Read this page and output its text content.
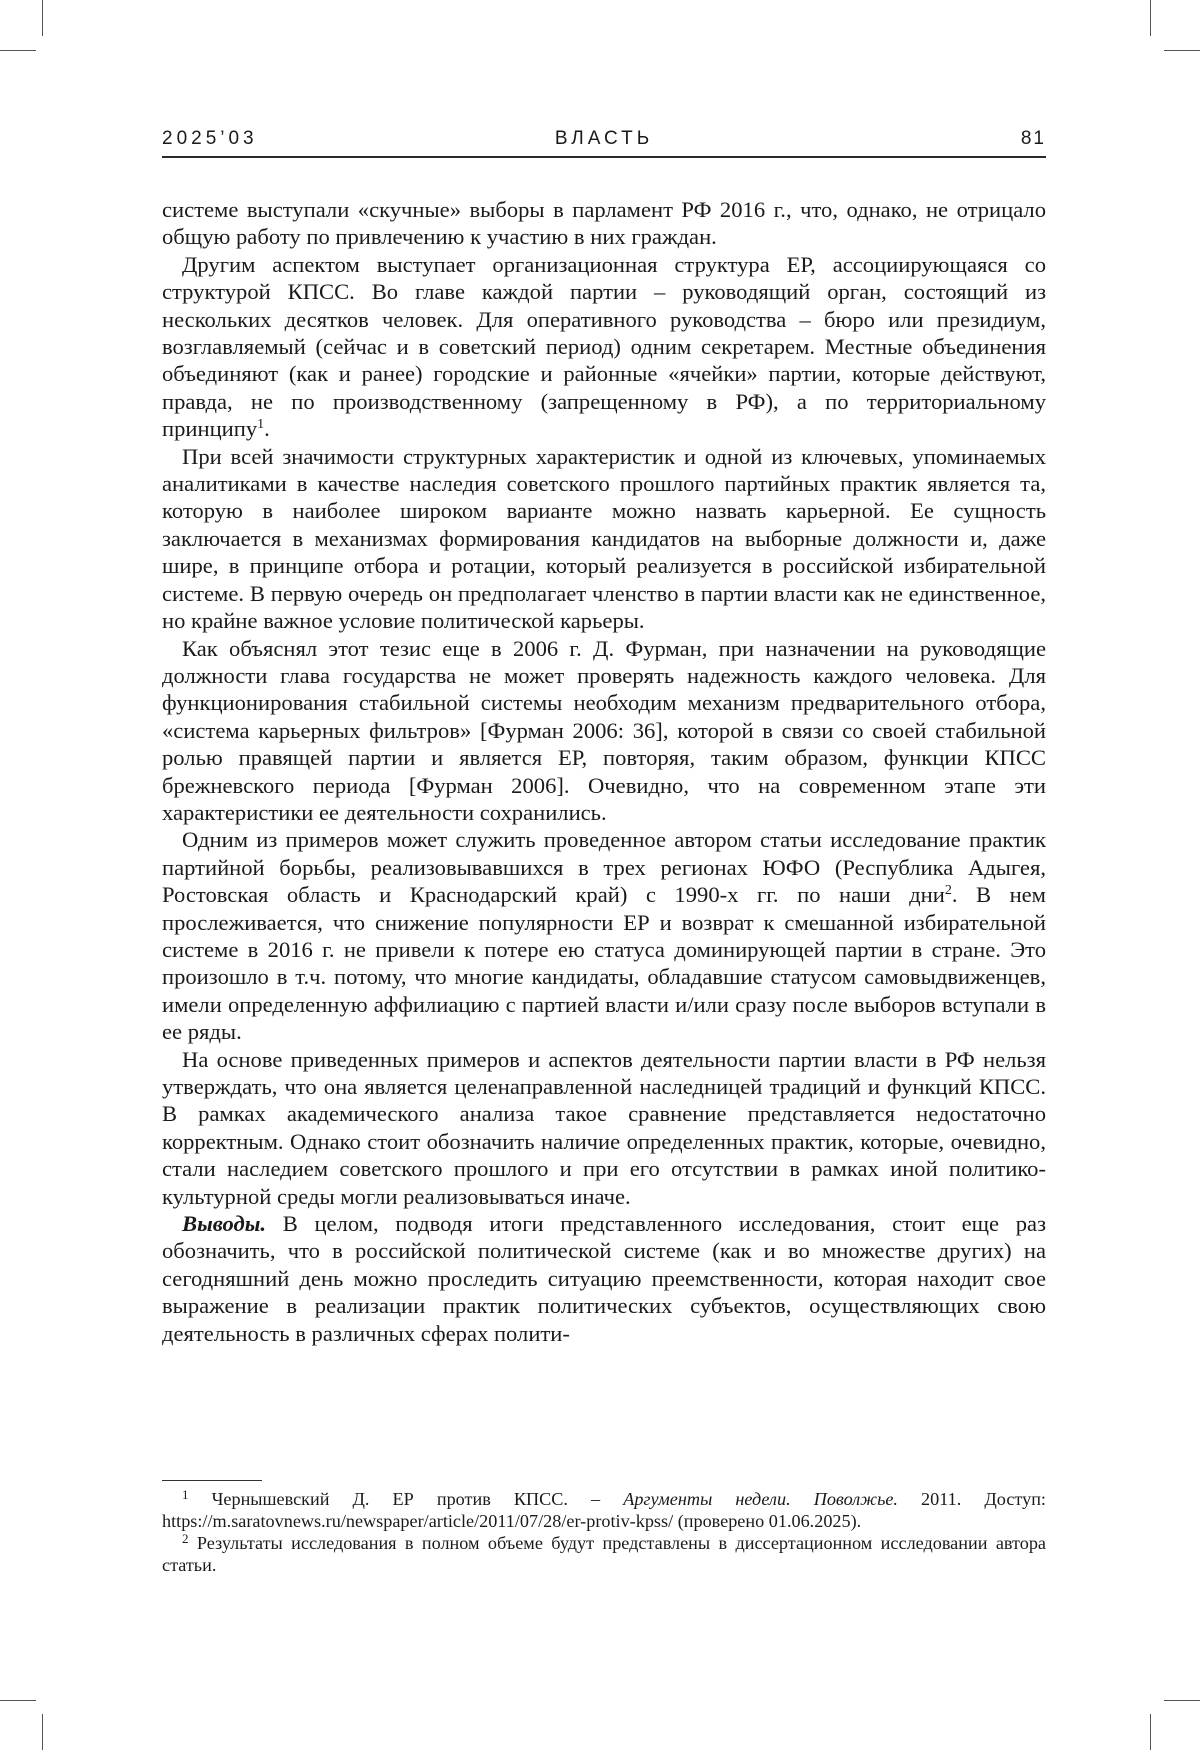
2025’03	ВЛАСТЬ	81

системе выступали «скучные» выборы в парламент РФ 2016 г., что, однако, не отрицало общую работу по привлечению к участию в них граждан.

Другим аспектом выступает организационная структура ЕР, ассоциирующаяся со структурой КПСС. Во главе каждой партии – руководящий орган, состоящий из нескольких десятков человек. Для оперативного руководства – бюро или президиум, возглавляемый (сейчас и в советский период) одним секретарем. Местные объединения объединяют (как и ранее) городские и районные «ячейки» партии, которые действуют, правда, не по производственному (запрещенному в РФ), а по территориальному принципу$^1$.

При всей значимости структурных характеристик и одной из ключевых, упоминаемых аналитиками в качестве наследия советского прошлого партийных практик является та, которую в наиболее широком варианте можно назвать карьерной. Ее сущность заключается в механизмах формирования кандидатов на выборные должности и, даже шире, в принципе отбора и ротации, который реализуется в российской избирательной системе. В первую очередь он предполагает членство в партии власти как не единственное, но крайне важное условие политической карьеры.

Как объяснял этот тезис еще в 2006 г. Д. Фурман, при назначении на руководящие должности глава государства не может проверять надежность каждого человека. Для функционирования стабильной системы необходим механизм предварительного отбора, «система карьерных фильтров» [Фурман 2006: 36], которой в связи со своей стабильной ролью правящей партии и является ЕР, повторяя, таким образом, функции КПСС брежневского периода [Фурман 2006]. Очевидно, что на современном этапе эти характеристики ее деятельности сохранились.

Одним из примеров может служить проведенное автором статьи исследование практик партийной борьбы, реализовывавшихся в трех регионах ЮФО (Республика Адыгея, Ростовская область и Краснодарский край) с 1990-х гг. по наши дни$^2$. В нем прослеживается, что снижение популярности ЕР и возврат к смешанной избирательной системе в 2016 г. не привели к потере ею статуса доминирующей партии в стране. Это произошло в т.ч. потому, что многие кандидаты, обладавшие статусом самовыдвиженцев, имели определенную аффилиацию с партией власти и/или сразу после выборов вступали в ее ряды.

На основе приведенных примеров и аспектов деятельности партии власти в РФ нельзя утверждать, что она является целенаправленной наследницей традиций и функций КПСС. В рамках академического анализа такое сравнение представляется недостаточно корректным. Однако стоит обозначить наличие определенных практик, которые, очевидно, стали наследием советского прошлого и при его отсутствии в рамках иной политико-культурной среды могли реализовываться иначе.

Выводы. В целом, подводя итоги представленного исследования, стоит еще раз обозначить, что в российской политической системе (как и во множестве других) на сегодняшний день можно проследить ситуацию преемственности, которая находит свое выражение в реализации практик политических субъектов, осуществляющих свою деятельность в различных сферах полити-

$^1$ Чернышевский Д. ЕР против КПСС. – Аргументы недели. Поволжье. 2011. Доступ: https://m.saratovnews.ru/newspaper/article/2011/07/28/er-protiv-kpss/ (проверено 01.06.2025).

$^2$ Результаты исследования в полном объеме будут представлены в диссертационном исследовании автора статьи.
